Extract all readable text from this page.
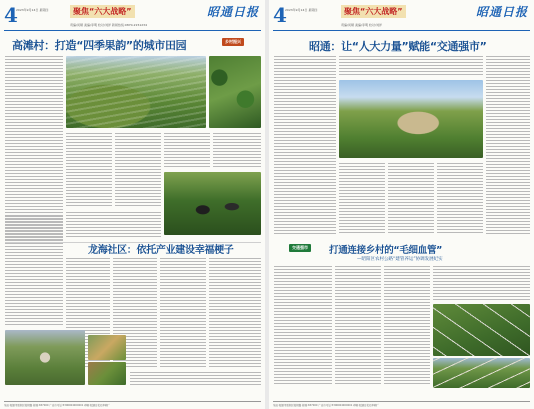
4
2023年9月14日 星期四	聚焦“六大战略”	昭通日报
责编/何顺 美编/李明 校对/刘洋 新闻热线:0870-2151234
高滩村：打造“四季果韵”的城市田园	乡村振兴
龙海社区：依托产业建设幸福梗子
地址:昭通市昭阳区海楼路 邮编:657000 广告许可证:5306004000001 印刷:昭通日报社印刷厂
4
2023年9月14日 星期四	聚焦“六大战略”	昭通日报
责编/何顺 美编/李明 校对/刘洋
昭通：让“人大力量”赋能“交通强市”
交通强市	打通连接乡村的“毛细血管”
—昭阳区农村公路“建管养运”协调发展纪实
地址:昭通市昭阳区海楼路 邮编:657000 广告许可证:5306004000001 印刷:昭通日报社印刷厂
